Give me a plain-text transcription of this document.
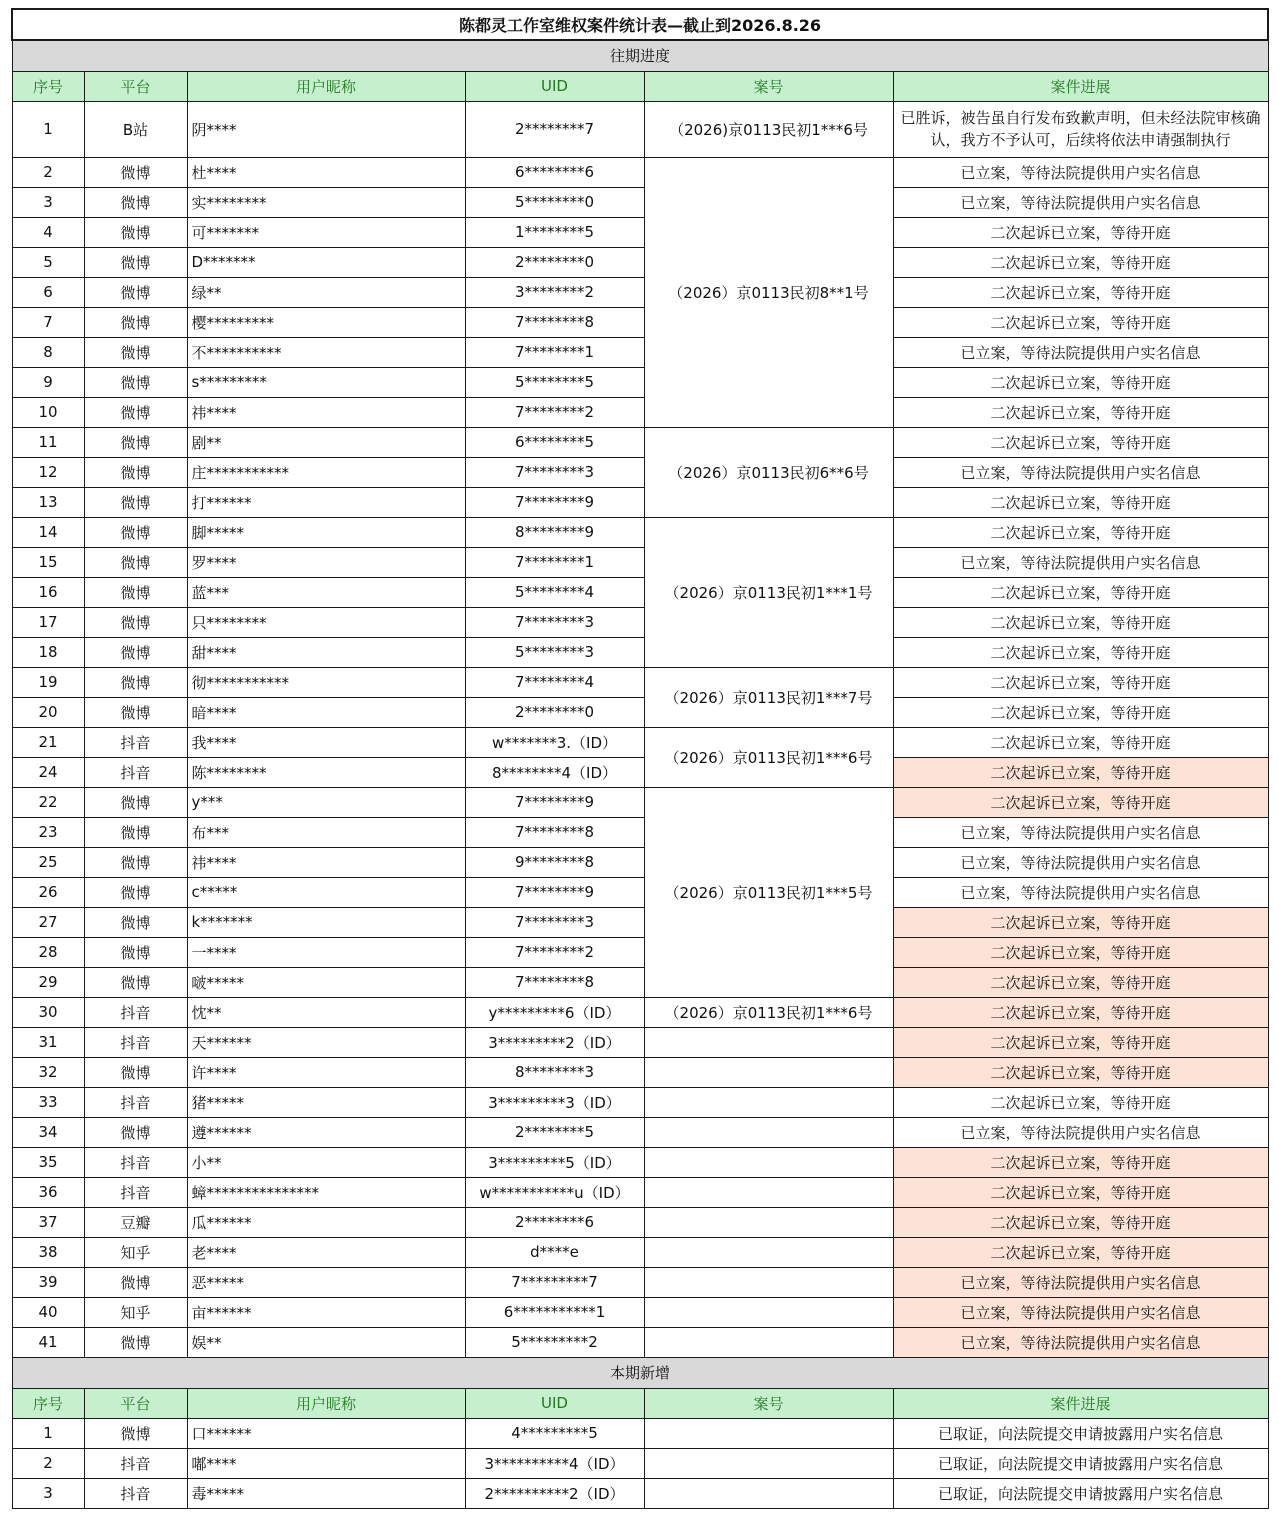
陈都灵工作室维权案件统计表—截止到2026.8.26					
往期进度					
序号	平台	用户昵称	UID	案号	案件进展
1	B站	阴****	2********7	（2026)京0113民初1***6号	已胜诉，被告虽自行发布致歉声明，但未经法院审核确认，我方不予认可，后续将依法申请强制执行
2	微博	杜****	6********6	（2026）京0113民初8**1号	已立案，等待法院提供用户实名信息
3	微博	实********	5********0		已立案，等待法院提供用户实名信息
4	微博	可*******	1********5		二次起诉已立案，等待开庭
5	微博	D*******	2********0		二次起诉已立案，等待开庭
6	微博	绿**	3********2		二次起诉已立案，等待开庭
7	微博	樱*********	7********8		二次起诉已立案，等待开庭
8	微博	不**********	7********1		已立案，等待法院提供用户实名信息
9	微博	s*********	5********5		二次起诉已立案，等待开庭
10	微博	祎****	7********2		二次起诉已立案，等待开庭
11	微博	剧**	6********5	（2026）京0113民初6**6号	二次起诉已立案，等待开庭
12	微博	庄***********	7********3		已立案，等待法院提供用户实名信息
13	微博	打******	7********9		二次起诉已立案，等待开庭
14	微博	脚*****	8********9	（2026）京0113民初1***1号	二次起诉已立案，等待开庭
15	微博	罗****	7********1		已立案，等待法院提供用户实名信息
16	微博	蓝***	5********4		二次起诉已立案，等待开庭
17	微博	只********	7********3		二次起诉已立案，等待开庭
18	微博	甜****	5********3		二次起诉已立案，等待开庭
19	微博	彻***********	7********4	（2026）京0113民初1***7号	二次起诉已立案，等待开庭
20	微博	暗****	2********0		二次起诉已立案，等待开庭
21	抖音	我****	w*******3.（ID）	（2026）京0113民初1***6号	二次起诉已立案，等待开庭
24	抖音	陈********	8********4（ID）		二次起诉已立案，等待开庭
22	微博	y***	7********9	（2026）京0113民初1***5号	二次起诉已立案，等待开庭
23	微博	布***	7********8		已立案，等待法院提供用户实名信息
25	微博	祎****	9********8		已立案，等待法院提供用户实名信息
26	微博	c*****	7********9		已立案，等待法院提供用户实名信息
27	微博	k*******	7********3		二次起诉已立案，等待开庭
28	微博	一****	7********2		二次起诉已立案，等待开庭
29	微博	啵*****	7********8		二次起诉已立案，等待开庭
30	抖音	忱**	y*********6（ID）	（2026）京0113民初1***6号	二次起诉已立案，等待开庭
31	抖音	天******	3*********2（ID）		二次起诉已立案，等待开庭
32	微博	许****	8********3		二次起诉已立案，等待开庭
33	抖音	猪*****	3*********3（ID）		二次起诉已立案，等待开庭
34	微博	遵******	2********5		已立案，等待法院提供用户实名信息
35	抖音	小**	3*********5（ID）		二次起诉已立案，等待开庭
36	抖音	蟑***************	w***********u（ID）		二次起诉已立案，等待开庭
37	豆瓣	瓜******	2********6		二次起诉已立案，等待开庭
38	知乎	老****	d****e		二次起诉已立案，等待开庭
39	微博	恶*****	7*********7		已立案，等待法院提供用户实名信息
40	知乎	亩******	6***********1		已立案，等待法院提供用户实名信息
41	微博	娱**	5*********2		已立案，等待法院提供用户实名信息
本期新增					
序号	平台	用户昵称	UID	案号	案件进展
1	微博	口******	4*********5		已取证，向法院提交申请披露用户实名信息
2	抖音	嘟****	3**********4（ID）		已取证，向法院提交申请披露用户实名信息
3	抖音	毒*****	2**********2（ID）		已取证，向法院提交申请披露用户实名信息
